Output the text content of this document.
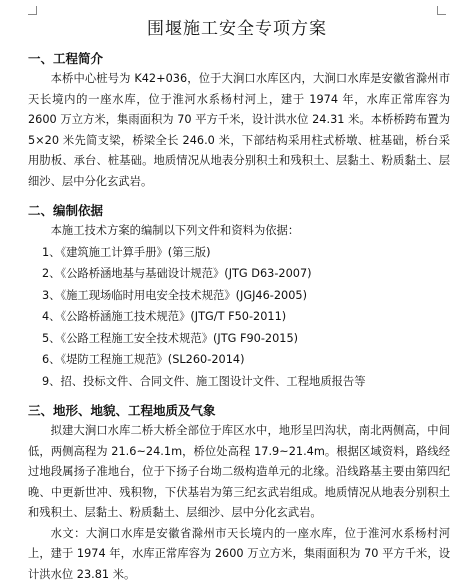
围堰施工安全专项方案

一、工程简介

本桥中心桩号为 K42+036，位于大涧口水库区内，大涧口水库是安徽省滁州市天长境内的一座水库，位于淮河水系杨村河上，建于 1974 年，水库正常库容为 2600 万立方米，集雨面积为 70 平方千米，设计洪水位 24.31 米。本桥桥跨布置为 5×20 米先简支梁，桥梁全长 246.0 米，下部结构采用柱式桥墩、桩基础，桥台采用肋板、承台、桩基础。地质情况从地表分别积土和残积土、层黏土、粉质黏土、层细沙、层中分化玄武岩。

二、编制依据

本施工技术方案的编制以下列文件和资料为依据：

1、《建筑施工计算手册》(第三版)

2、《公路桥涵地基与基础设计规范》(JTG D63-2007)

3、《施工现场临时用电安全技术规范》(JGJ46-2005)

4、《公路桥涵施工技术规范》(JTG/T F50-2011)

5、《公路工程施工安全技术规范》(JTG F90-2015)

6、《堤防工程施工规范》(SL260-2014)

9、招、投标文件、合同文件、施工图设计文件、工程地质报告等

三、地形、地貌、工程地质及气象

拟建大涧口水库二桥大桥全部位于库区水中，地形呈凹沟状，南北两侧高，中间低，两侧高程为 21.6~24.1m，桥位处高程 17.9~21.4m。根据区域资料，路线经过地段属扬子准地台，位于下扬子台坳二级构造单元的北缘。沿线路基主要由第四纪晚、中更新世冲、残积物，下伏基岩为第三纪玄武岩组成。地质情况从地表分别积土和残积土、层黏土、粉质黏土、层细沙、层中分化玄武岩。

水文：大涧口水库是安徽省滁州市天长境内的一座水库，位于淮河水系杨村河上，建于 1974 年，水库正常库容为 2600 万立方米，集雨面积为 70 平方千米，设计洪水位 23.81 米。
